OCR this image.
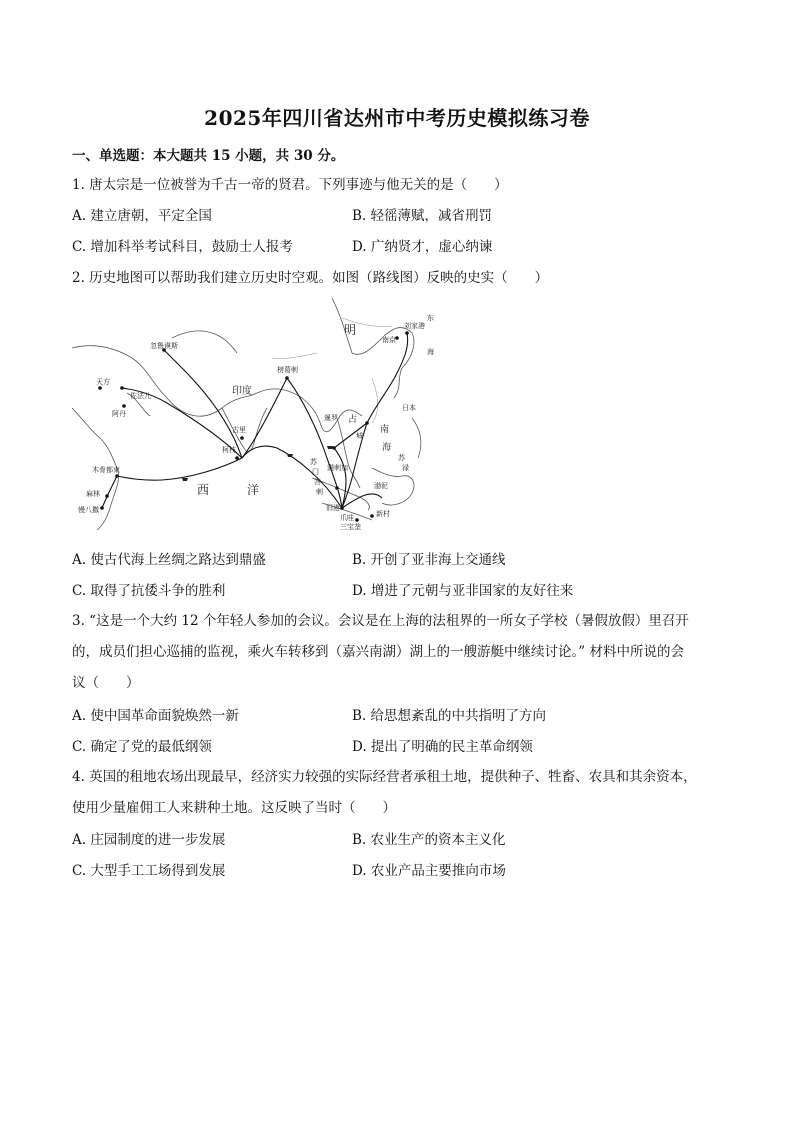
2025年四川省达州市中考历史模拟练习卷
一、单选题：本大题共 15 小题，共 30 分。
1. 唐太宗是一位被誉为千古一帝的贤君。下列事迹与他无关的是（　　）
A. 建立唐朝，平定全国	B. 轻徭薄赋，减省刑罚
C. 增加科举考试科目，鼓励士人报考	D. 广纳贤才，虚心纳谏
2. 历史地图可以帮助我们建立历史时空观。如图（路线图）反映的史实（　　）
明
东
海
南京
刘家港
忽鲁谟斯
天方
佐法儿
阿丹
印度
榜葛剌
古里
柯枝
木骨都束
麻林
慢八撒
暹罗 占
城
南
海
日本
苏
禄
苏
门
答
剌
满剌加
旧港
爪哇	新村
三宝垄
渤泥
西	洋
A. 使古代海上丝绸之路达到鼎盛	B. 开创了亚非海上交通线
C. 取得了抗倭斗争的胜利	D. 增进了元朝与亚非国家的友好往来
3. “这是一个大约 12 个年轻人参加的会议。会议是在上海的法租界的一所女子学校（暑假放假）里召开
的，成员们担心巡捕的监视，乘火车转移到（嘉兴南湖）湖上的一艘游艇中继续讨论。” 材料中所说的会
议（　　）
A. 使中国革命面貌焕然一新	B. 给思想紊乱的中共指明了方向
C. 确定了党的最低纲领	D. 提出了明确的民主革命纲领
4. 英国的租地农场出现最早，经济实力较强的实际经营者承租土地，提供种子、牲畜、农具和其余资本，
使用少量雇佣工人来耕种土地。这反映了当时（　　）
A. 庄园制度的进一步发展	B. 农业生产的资本主义化
C. 大型手工工场得到发展	D. 农业产品主要推向市场
